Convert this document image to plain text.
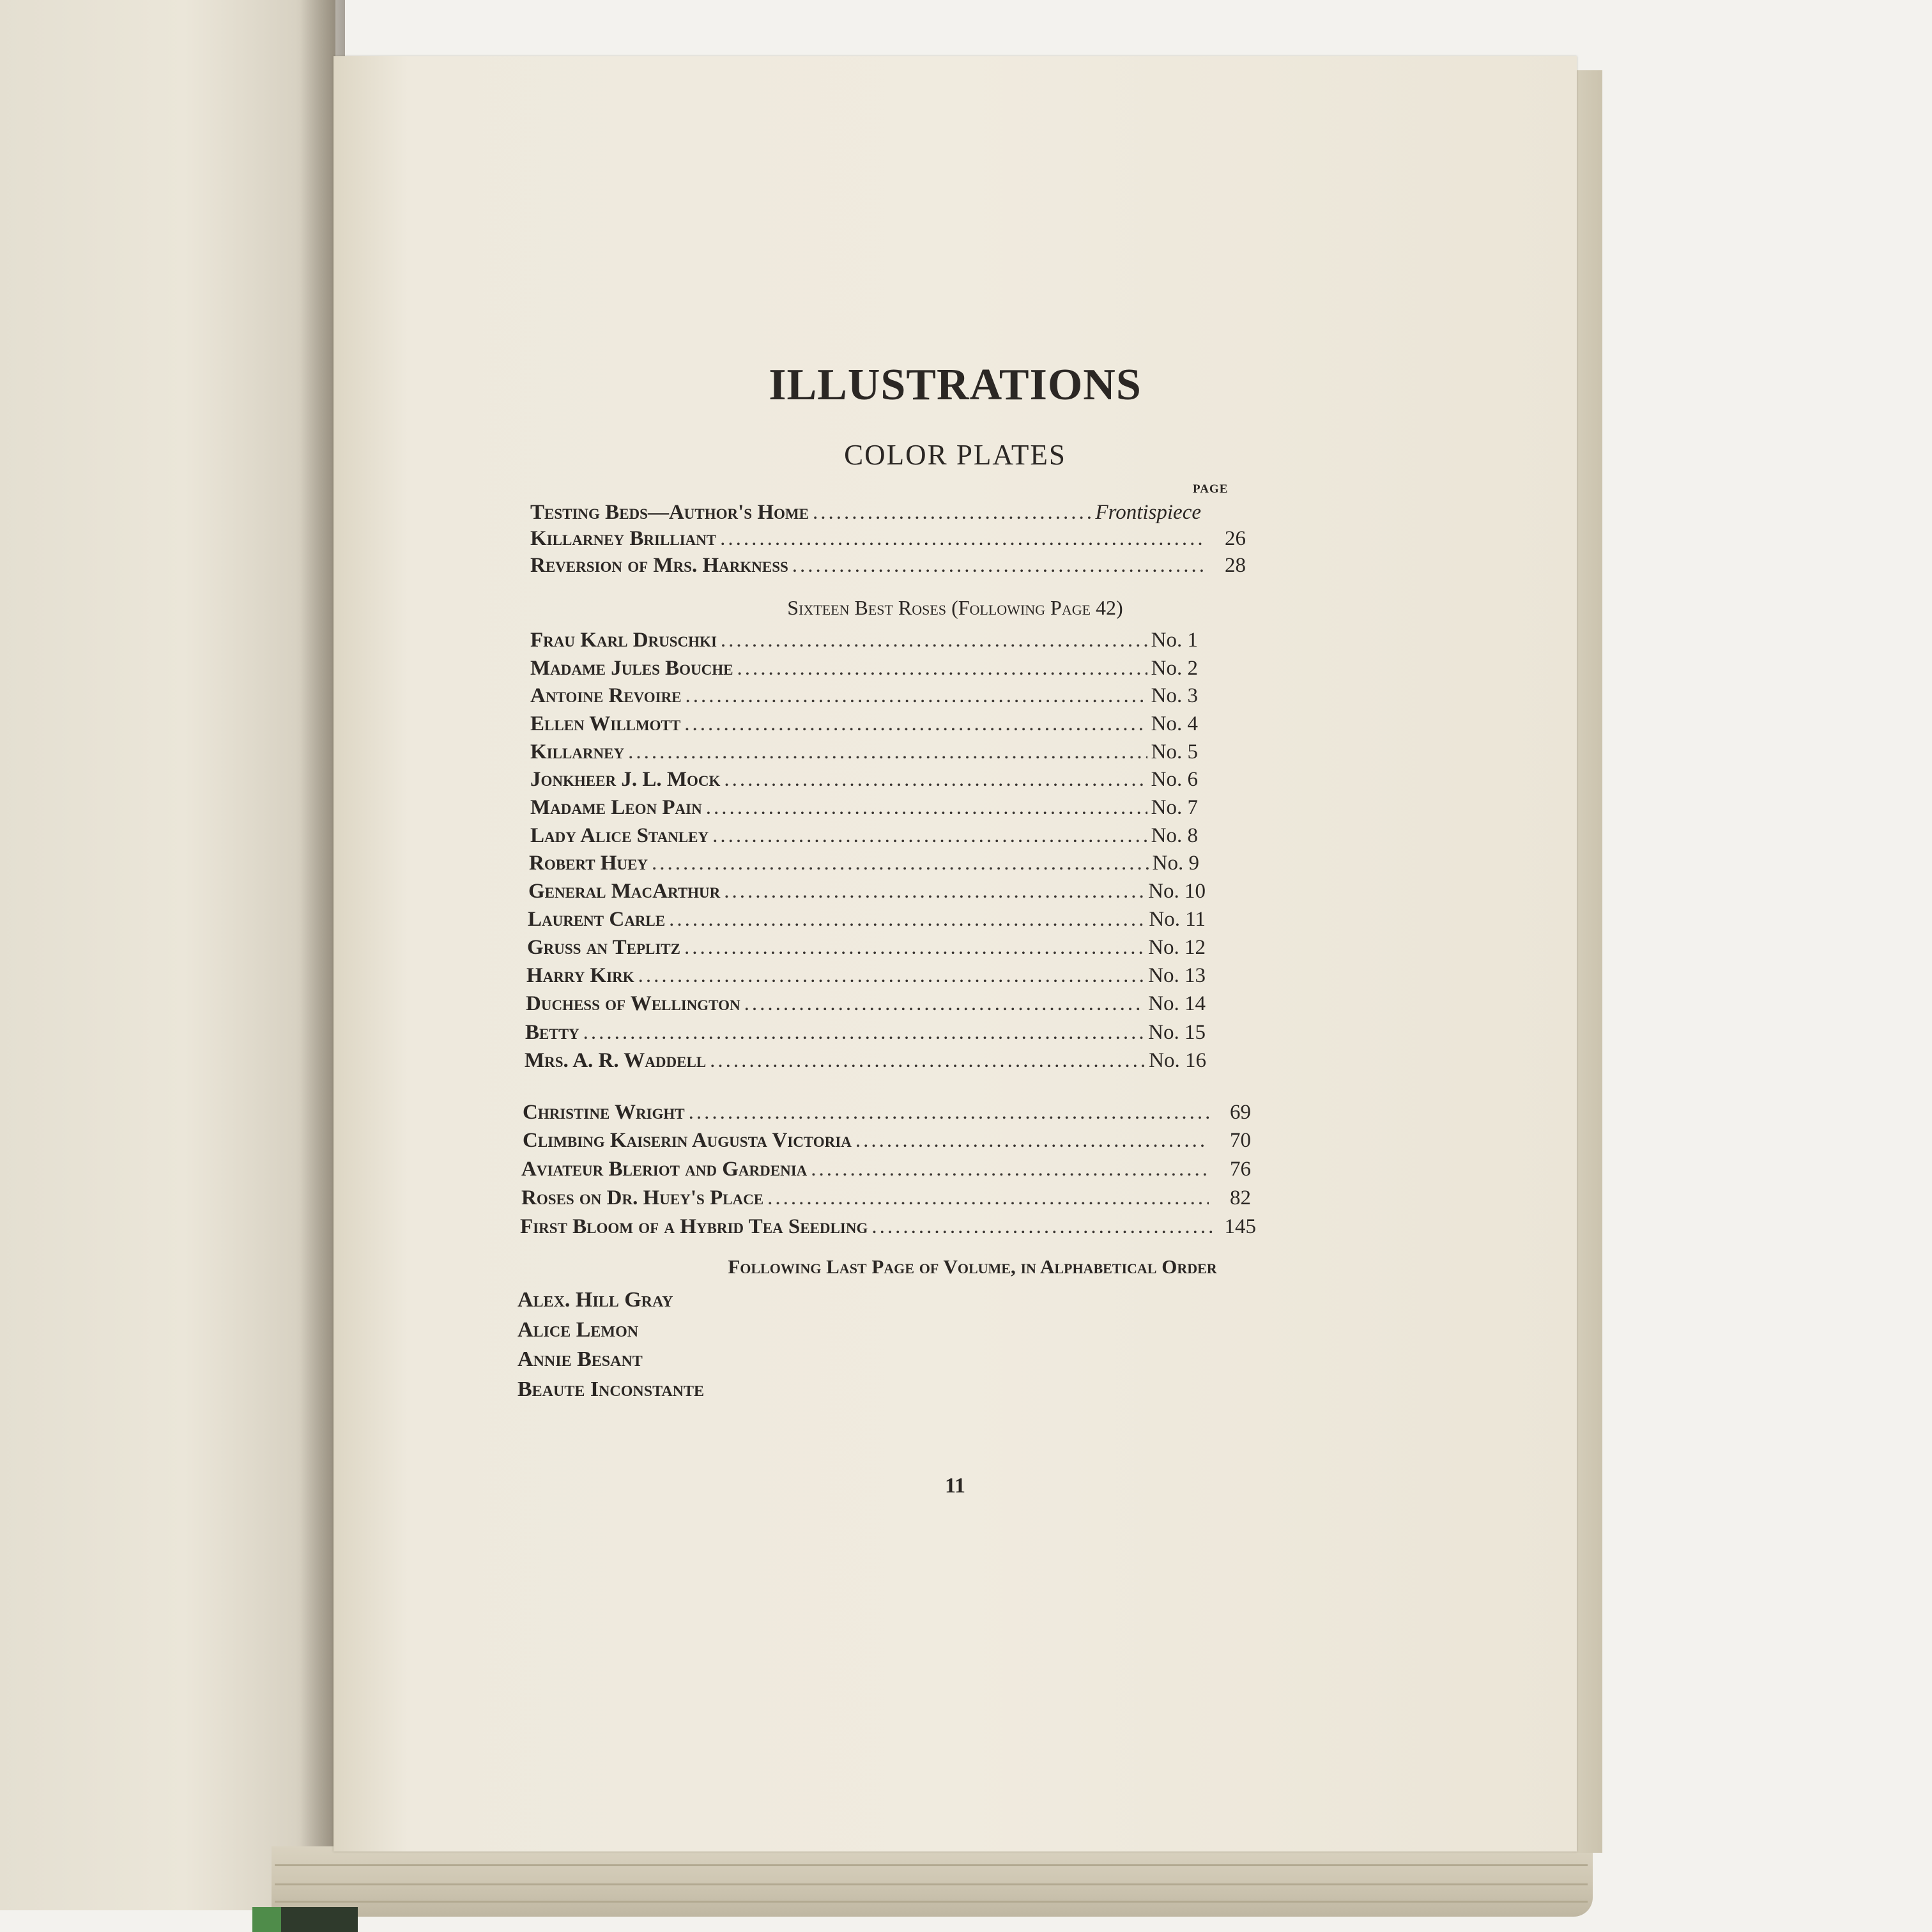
ILLUSTRATIONS
COLOR PLATES
PAGE
Testing Beds—Author's Home .....	Frontispiece
Killarney Brilliant .....	26
Reversion of Mrs. Harkness .....	28
Sixteen Best Roses (Following Page 42)
Frau Karl Druschki .....	No. 1
Madame Jules Bouche .....	No. 2
Antoine Revoire .....	No. 3
Ellen Willmott .....	No. 4
Killarney .....	No. 5
Jonkheer J. L. Mock .....	No. 6
Madame Leon Pain .....	No. 7
Lady Alice Stanley .....	No. 8
Robert Huey .....	No. 9
General MacArthur .....	No. 10
Laurent Carle .....	No. 11
Gruss an Teplitz .....	No. 12
Harry Kirk .....	No. 13
Duchess of Wellington .....	No. 14
Betty .....	No. 15
Mrs. A. R. Waddell .....	No. 16
Christine Wright .....	69
Climbing Kaiserin Augusta Victoria .....	70
Aviateur Bleriot and Gardenia .....	76
Roses on Dr. Huey's Place .....	82
First Bloom of a Hybrid Tea Seedling .....	145
Following Last Page of Volume, in Alphabetical Order
Alex. Hill Gray
Alice Lemon
Annie Besant
Beaute Inconstante
11
